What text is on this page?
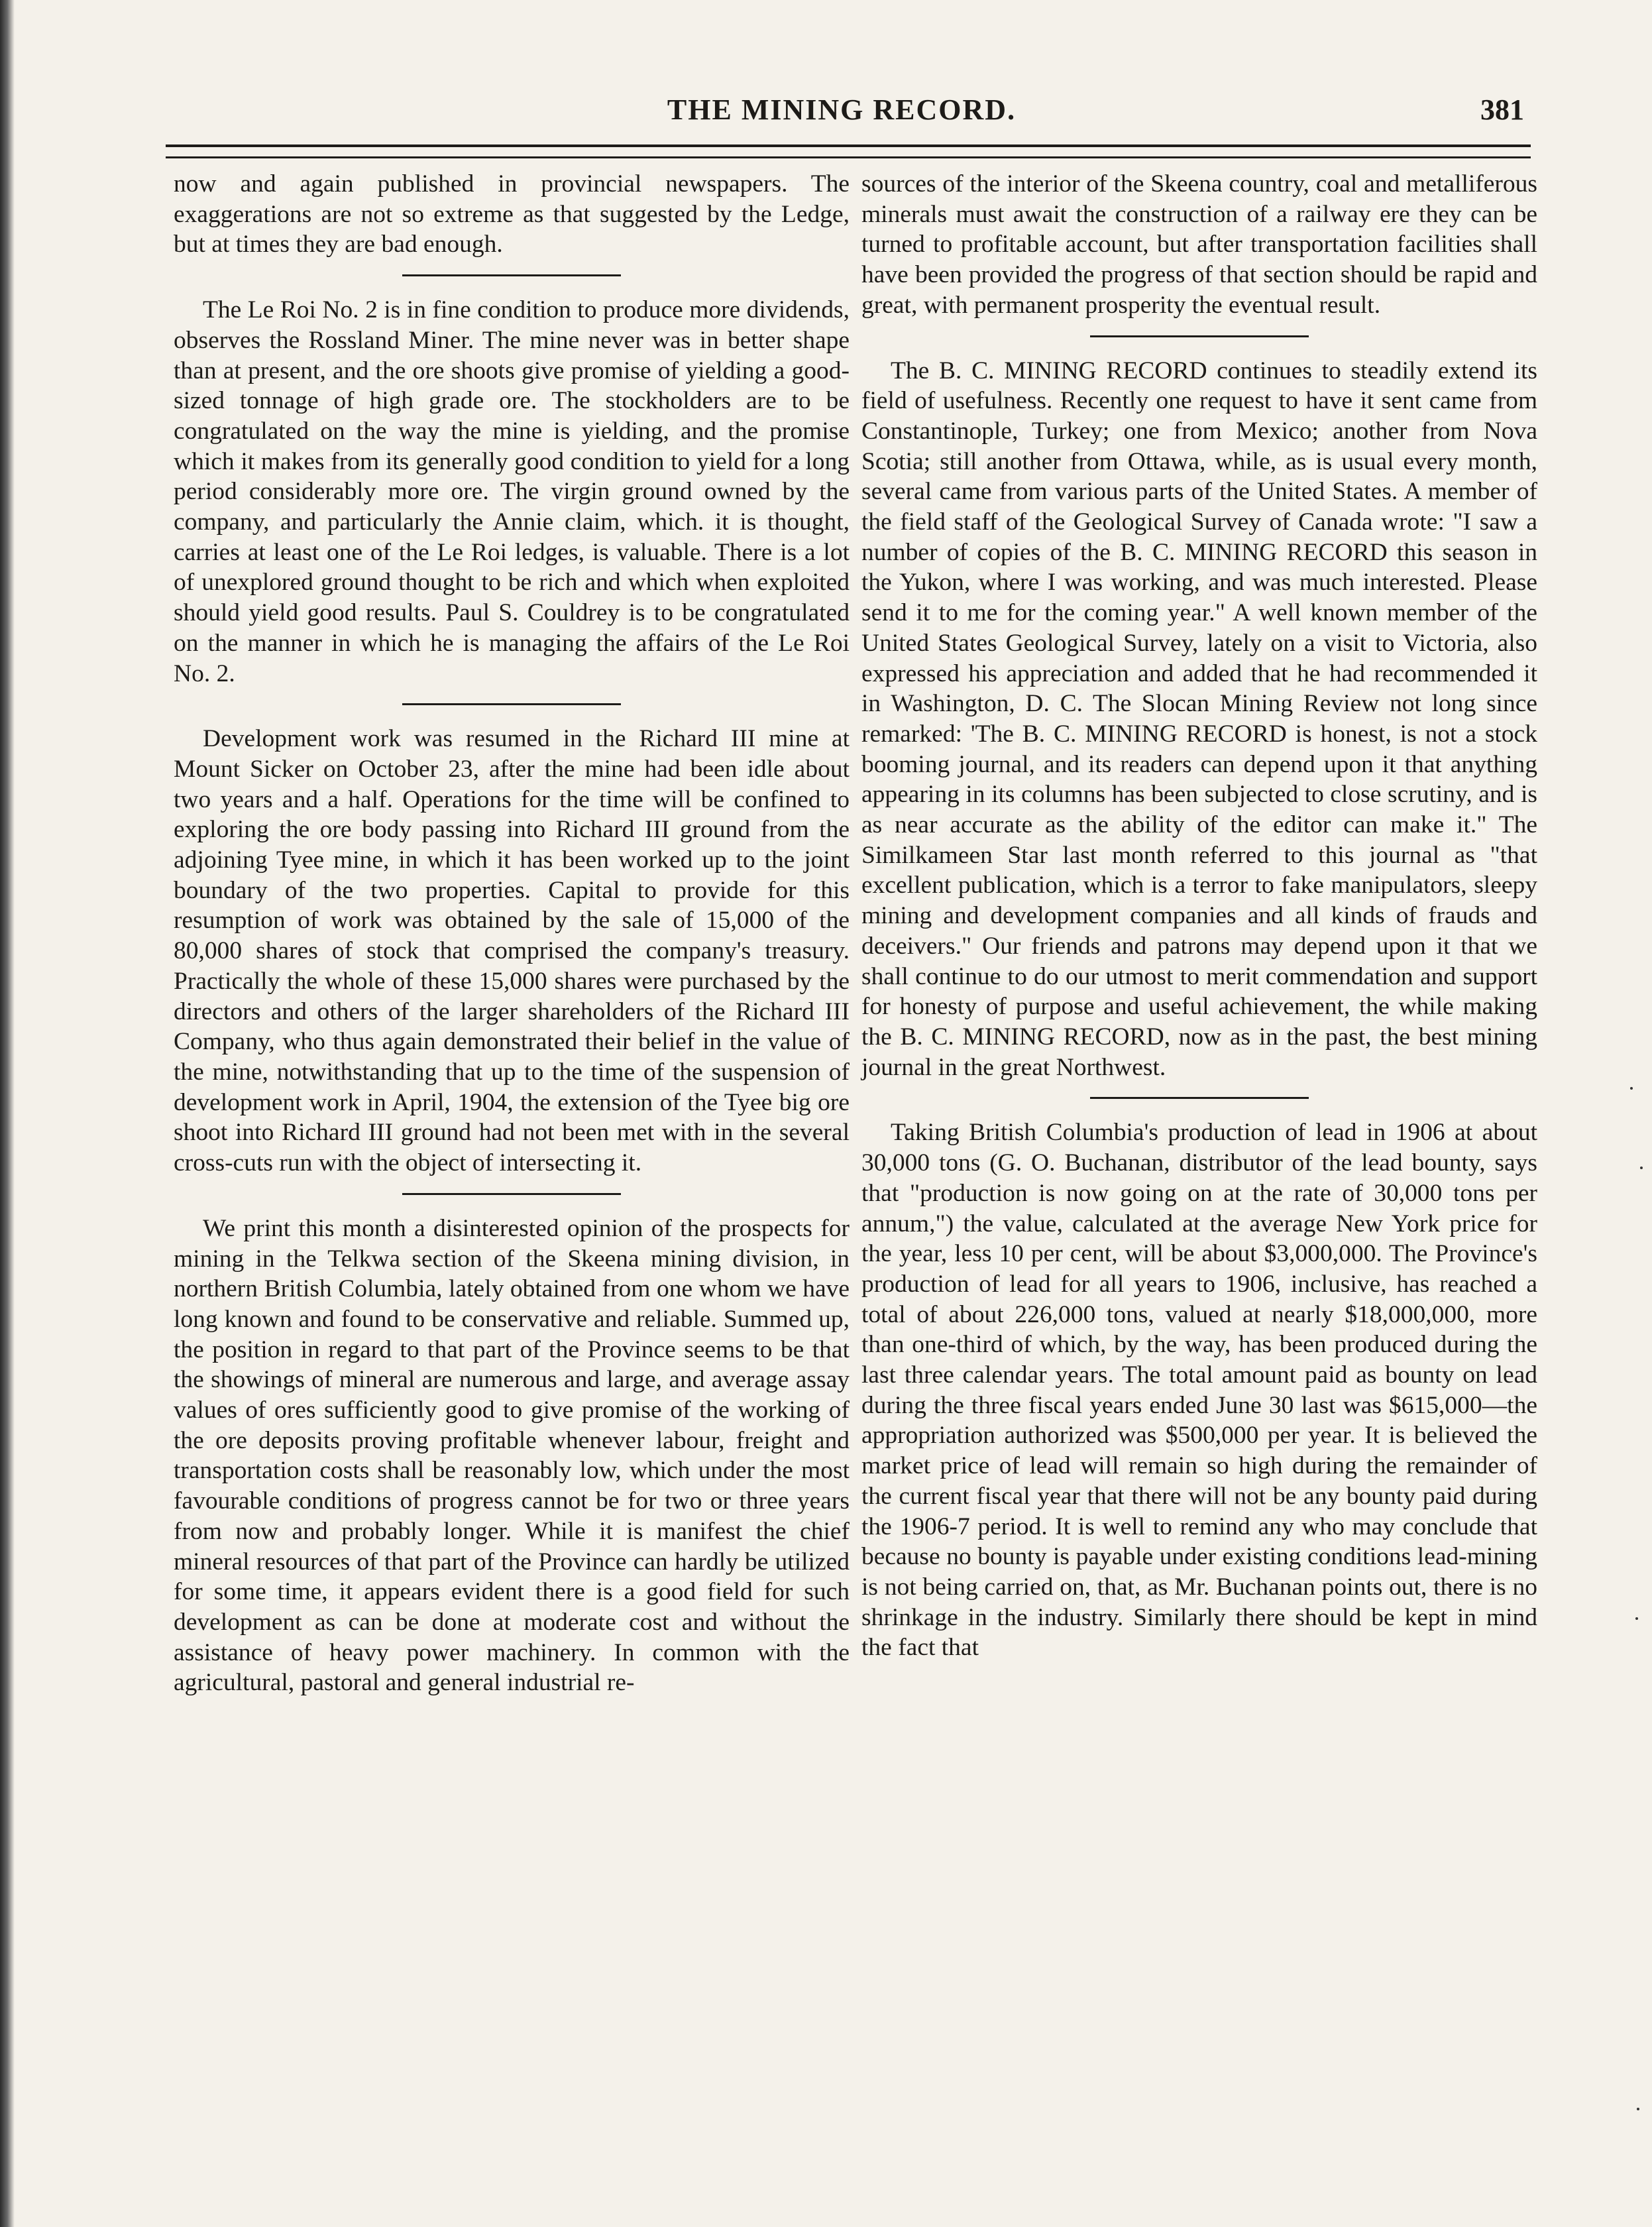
THE MINING RECORD.	381

now and again published in provincial newspapers. The exaggerations are not so extreme as that suggested by the Ledge, but at times they are bad enough.

The Le Roi No. 2 is in fine condition to produce more dividends, observes the Rossland Miner. The mine never was in better shape than at present, and the ore shoots give promise of yielding a good-sized tonnage of high grade ore. The stockholders are to be congratulated on the way the mine is yielding, and the promise which it makes from its generally good condition to yield for a long period considerably more ore. The virgin ground owned by the company, and particularly the Annie claim, which. it is thought, carries at least one of the Le Roi ledges, is valuable. There is a lot of unexplored ground thought to be rich and which when exploited should yield good results. Paul S. Couldrey is to be congratulated on the manner in which he is managing the affairs of the Le Roi No. 2.

Development work was resumed in the Richard III mine at Mount Sicker on October 23, after the mine had been idle about two years and a half. Operations for the time will be confined to exploring the ore body passing into Richard III ground from the adjoining Tyee mine, in which it has been worked up to the joint boundary of the two properties. Capital to provide for this resumption of work was obtained by the sale of 15,000 of the 80,000 shares of stock that comprised the company's treasury. Practically the whole of these 15,000 shares were purchased by the directors and others of the larger shareholders of the Richard III Company, who thus again demonstrated their belief in the value of the mine, notwithstanding that up to the time of the suspension of development work in April, 1904, the extension of the Tyee big ore shoot into Richard III ground had not been met with in the several cross-cuts run with the object of intersecting it.

We print this month a disinterested opinion of the prospects for mining in the Telkwa section of the Skeena mining division, in northern British Columbia, lately obtained from one whom we have long known and found to be conservative and reliable. Summed up, the position in regard to that part of the Province seems to be that the showings of mineral are numerous and large, and average assay values of ores sufficiently good to give promise of the working of the ore deposits proving profitable whenever labour, freight and transportation costs shall be reasonably low, which under the most favourable conditions of progress cannot be for two or three years from now and probably longer. While it is manifest the chief mineral resources of that part of the Province can hardly be utilized for some time, it appears evident there is a good field for such development as can be done at moderate cost and without the assistance of heavy power machinery. In common with the agricultural, pastoral and general industrial re-

sources of the interior of the Skeena country, coal and metalliferous minerals must await the construction of a railway ere they can be turned to profitable account, but after transportation facilities shall have been provided the progress of that section should be rapid and great, with permanent prosperity the eventual result.

The B. C. MINING RECORD continues to steadily extend its field of usefulness. Recently one request to have it sent came from Constantinople, Turkey; one from Mexico; another from Nova Scotia; still another from Ottawa, while, as is usual every month, several came from various parts of the United States. A member of the field staff of the Geological Survey of Canada wrote: "I saw a number of copies of the B. C. MINING RECORD this season in the Yukon, where I was working, and was much interested. Please send it to me for the coming year." A well known member of the United States Geological Survey, lately on a visit to Victoria, also expressed his appreciation and added that he had recommended it in Washington, D. C. The Slocan Mining Review not long since remarked: 'The B. C. MINING RECORD is honest, is not a stock booming journal, and its readers can depend upon it that anything appearing in its columns has been subjected to close scrutiny, and is as near accurate as the ability of the editor can make it." The Similkameen Star last month referred to this journal as "that excellent publication, which is a terror to fake manipulators, sleepy mining and development companies and all kinds of frauds and deceivers." Our friends and patrons may depend upon it that we shall continue to do our utmost to merit commendation and support for honesty of purpose and useful achievement, the while making the B. C. MINING RECORD, now as in the past, the best mining journal in the great Northwest.

Taking British Columbia's production of lead in 1906 at about 30,000 tons (G. O. Buchanan, distributor of the lead bounty, says that "production is now going on at the rate of 30,000 tons per annum,") the value, calculated at the average New York price for the year, less 10 per cent, will be about $3,000,000. The Province's production of lead for all years to 1906, inclusive, has reached a total of about 226,000 tons, valued at nearly $18,000,000, more than one-third of which, by the way, has been produced during the last three calendar years. The total amount paid as bounty on lead during the three fiscal years ended June 30 last was $615,000—the appropriation authorized was $500,000 per year. It is believed the market price of lead will remain so high during the remainder of the current fiscal year that there will not be any bounty paid during the 1906-7 period. It is well to remind any who may conclude that because no bounty is payable under existing conditions lead-mining is not being carried on, that, as Mr. Buchanan points out, there is no shrinkage in the industry. Similarly there should be kept in mind the fact that
